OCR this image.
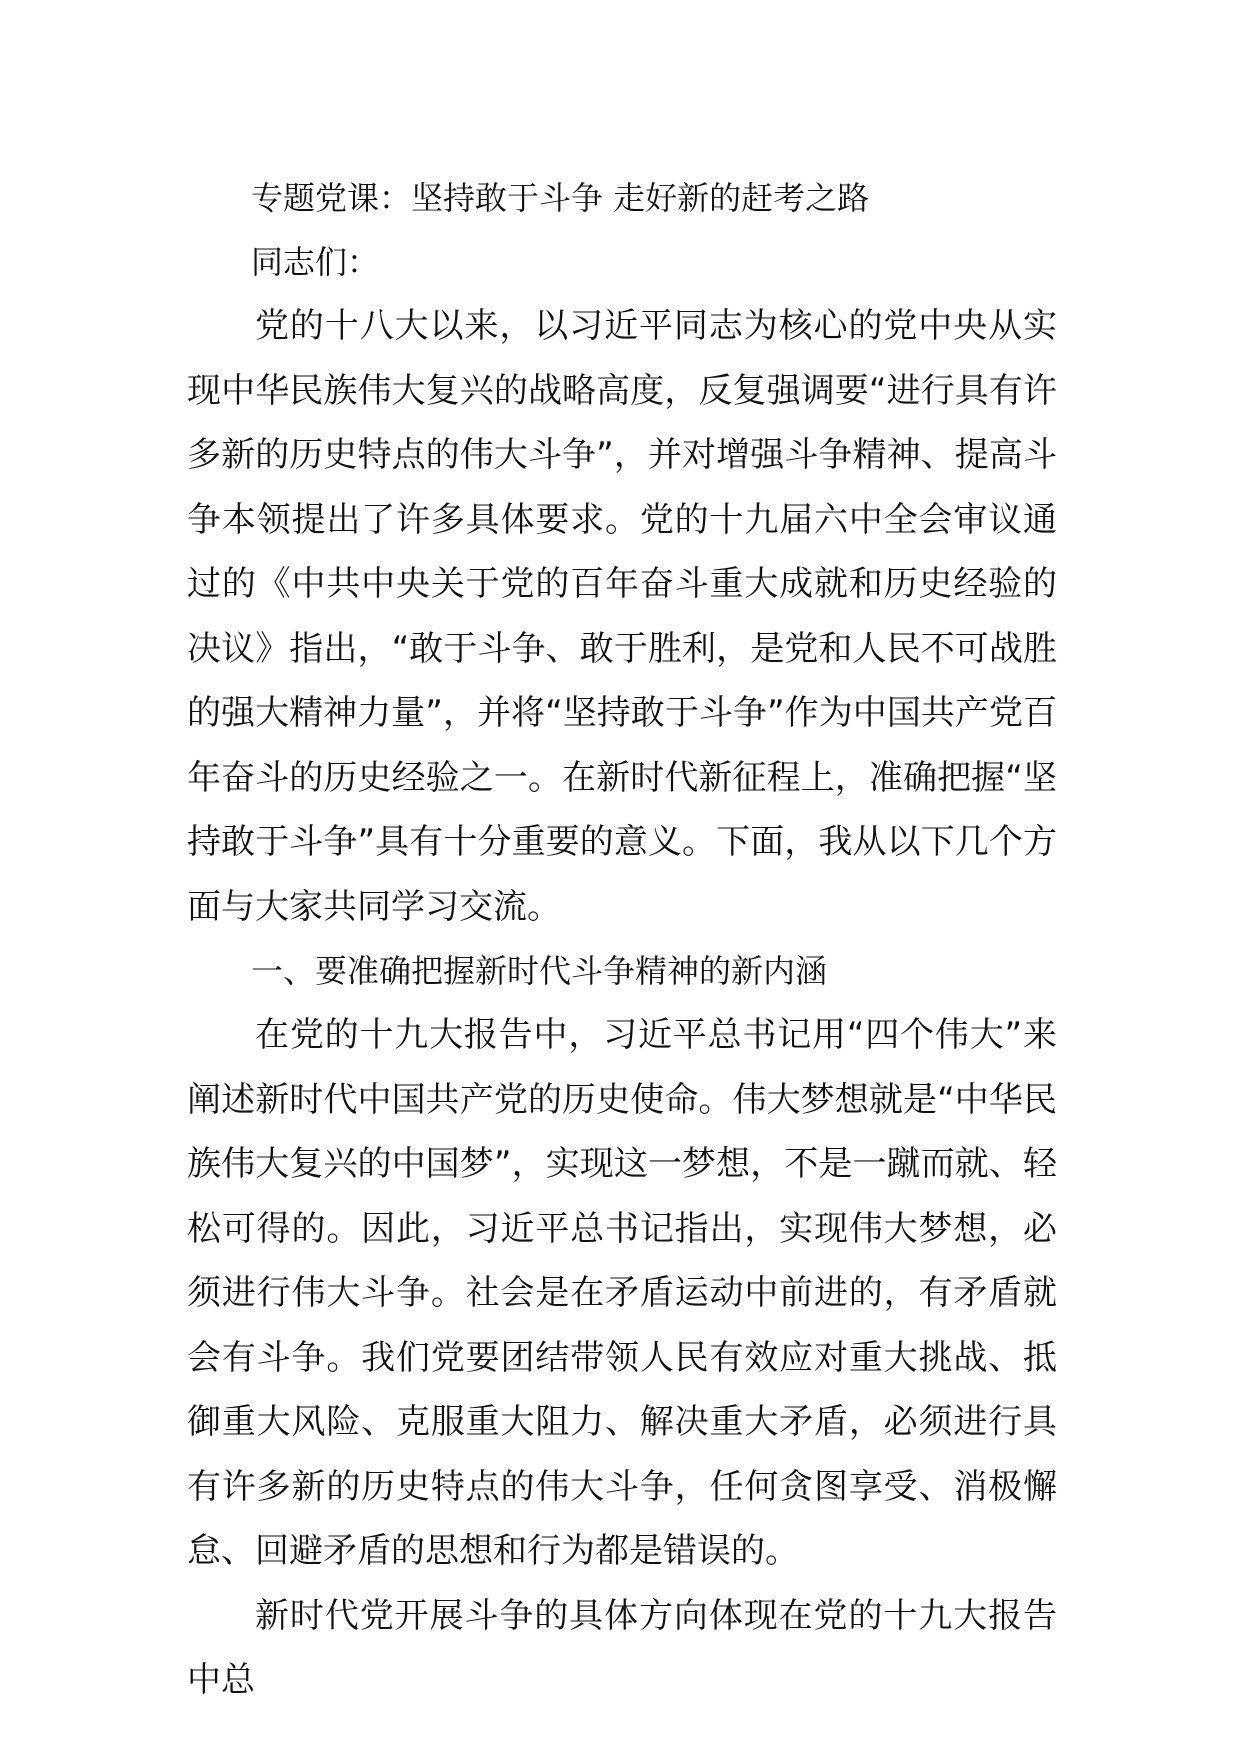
专题党课：坚持敢于斗争 走好新的赶考之路

同志们：

党的十八大以来，以习近平同志为核心的党中央从实现中华民族伟大复兴的战略高度，反复强调要“进行具有许多新的历史特点的伟大斗争”，并对增强斗争精神、提高斗争本领提出了许多具体要求。党的十九届六中全会审议通过的《中共中央关于党的百年奋斗重大成就和历史经验的决议》指出，“敢于斗争、敢于胜利，是党和人民不可战胜的强大精神力量”，并将“坚持敢于斗争”作为中国共产党百年奋斗的历史经验之一。在新时代新征程上，准确把握“坚持敢于斗争”具有十分重要的意义。下面，我从以下几个方面与大家共同学习交流。

一、要准确把握新时代斗争精神的新内涵

在党的十九大报告中，习近平总书记用“四个伟大”来阐述新时代中国共产党的历史使命。伟大梦想就是“中华民族伟大复兴的中国梦”，实现这一梦想，不是一蹴而就、轻松可得的。因此，习近平总书记指出，实现伟大梦想，必须进行伟大斗争。社会是在矛盾运动中前进的，有矛盾就会有斗争。我们党要团结带领人民有效应对重大挑战、抵御重大风险、克服重大阻力、解决重大矛盾，必须进行具有许多新的历史特点的伟大斗争，任何贪图享受、消极懈怠、回避矛盾的思想和行为都是错误的。

新时代党开展斗争的具体方向体现在党的十九大报告中总
